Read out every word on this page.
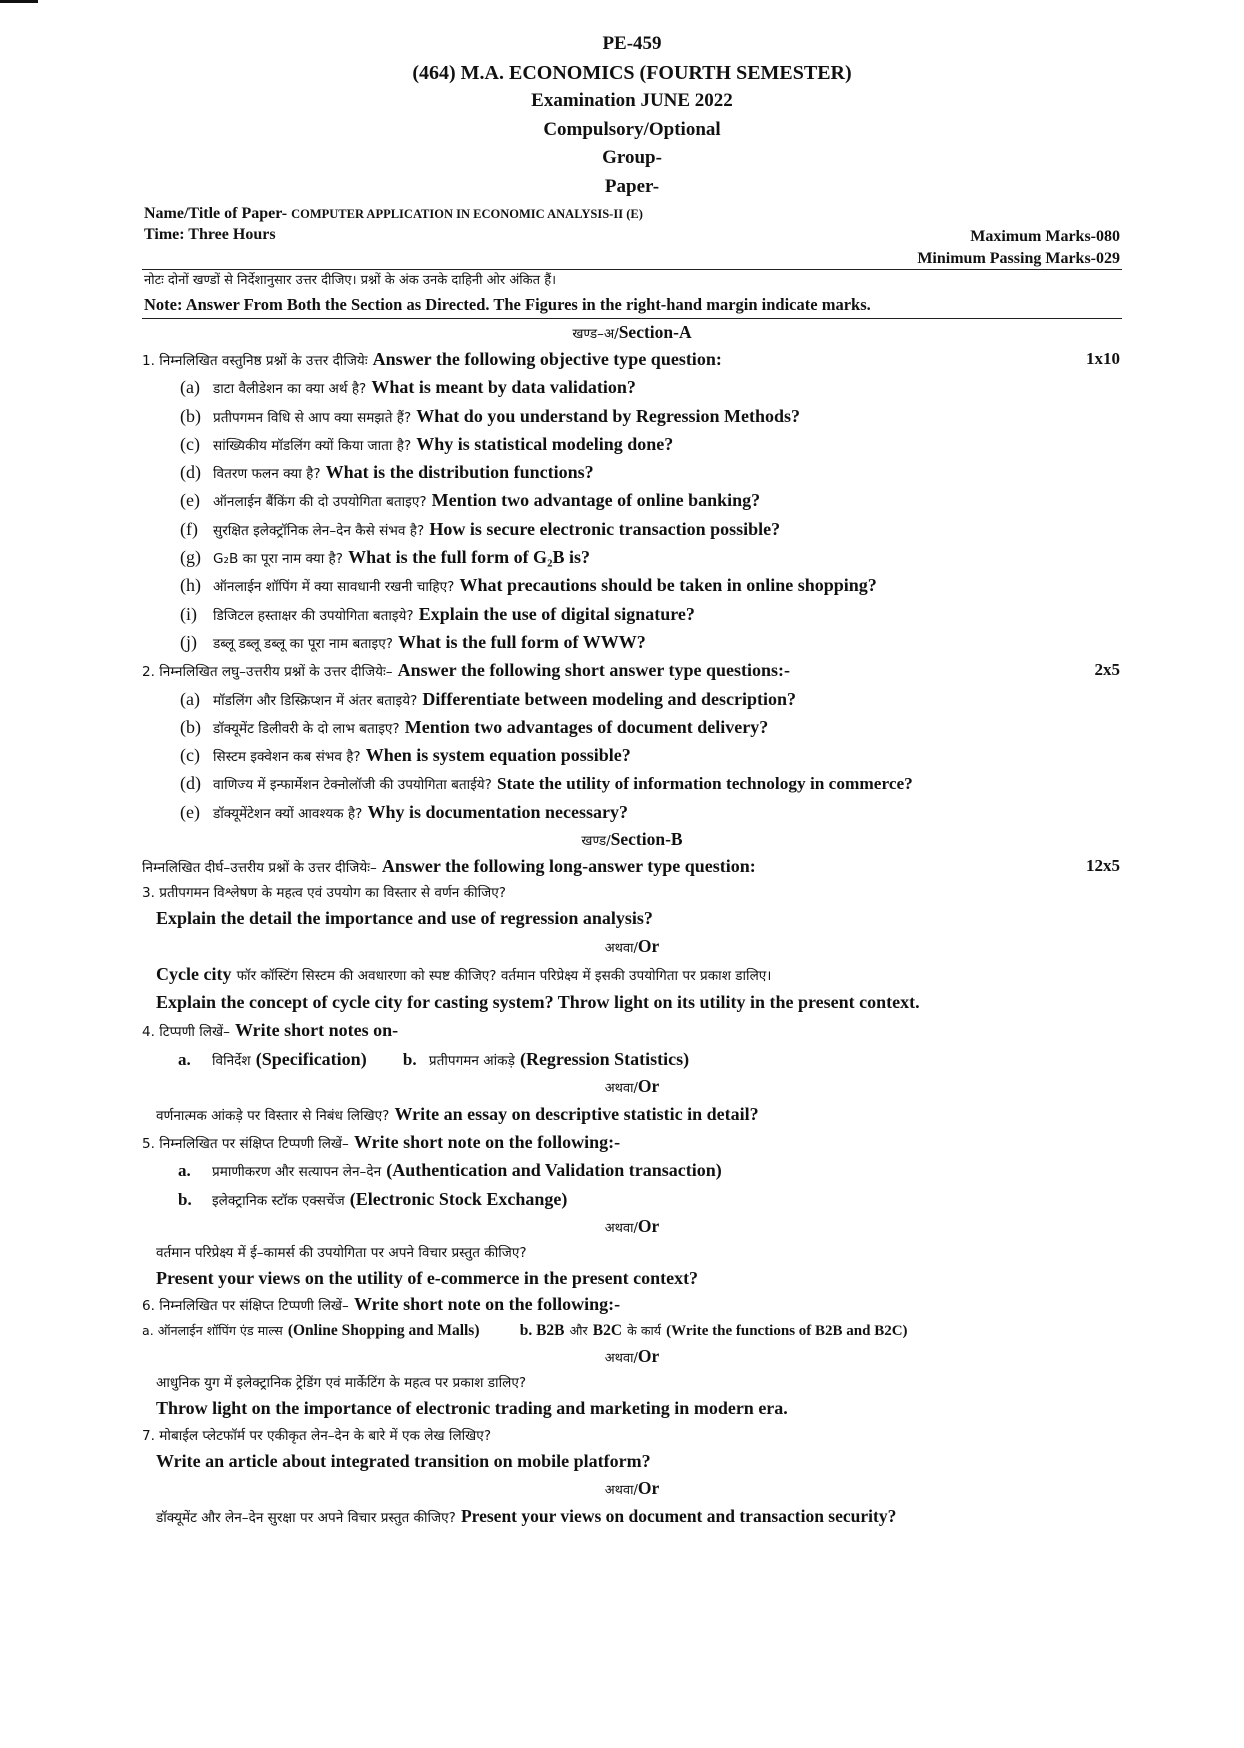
PE-459
(464) M.A. ECONOMICS (FOURTH SEMESTER)
Examination JUNE 2022
Compulsory/Optional
Group-
Paper-
Name/Title of Paper- COMPUTER APPLICATION IN ECONOMIC ANALYSIS-II (E)
Time: Three Hours	Maximum Marks-080
Minimum Passing Marks-029
नोटः दोनों खण्डों से निर्देशानुसार उत्तर दीजिए। प्रश्नों के अंक उनके दाहिनी ओर अंकित हैं।
Note: Answer From Both the Section as Directed. The Figures in the right-hand margin indicate marks.
खण्ड–अ/Section-A
1. निम्नलिखित वस्तुनिष्ठ प्रश्नों के उत्तर दीजियेः Answer the following objective type question:	1x10
(a) डाटा वैलीडेशन का क्या अर्थ है? What is meant by data validation?
(b) प्रतीपगमन विधि से आप क्या समझते हैं? What do you understand by Regression Methods?
(c) सांख्यिकीय मॉडलिंग क्यों किया जाता है? Why is statistical modeling done?
(d) वितरण फलन क्या है? What is the distribution functions?
(e) ऑनलाईन बैंकिंग की दो उपयोगिता बताइए? Mention two advantage of online banking?
(f) सुरक्षित इलेक्ट्रॉनिक लेन–देन कैसे संभव है? How is secure electronic transaction possible?
(g) G₂B का पूरा नाम क्या है? What is the full form of G₂B is?
(h) ऑनलाईन शॉपिंग में क्या सावधानी रखनी चाहिए? What precautions should be taken in online shopping?
(i) डिजिटल हस्ताक्षर की उपयोगिता बताइये? Explain the use of digital signature?
(j) डब्लू डब्लू डब्लू का पूरा नाम बताइए? What is the full form of WWW?
2. निम्नलिखित लघु–उत्तरीय प्रश्नों के उत्तर दीजियेः– Answer the following short answer type questions:-	2x5
(a) मॉडलिंग और डिस्क्रिप्शन में अंतर बताइये? Differentiate between modeling and description?
(b) डॉक्यूमेंट डिलीवरी के दो लाभ बताइए? Mention two advantages of document delivery?
(c) सिस्टम इक्वेशन कब संभव है? When is system equation possible?
(d) वाणिज्य में इन्फार्मेशन टेक्नोलॉजी की उपयोगिता बताईये? State the utility of information technology in commerce?
(e) डॉक्यूमेंटेशन क्यों आवश्यक है? Why is documentation necessary?
खण्ड/Section-B
निम्नलिखित दीर्घ–उत्तरीय प्रश्नों के उत्तर दीजियेः– Answer the following long-answer type question:	12x5
3. प्रतीपगमन विश्लेषण के महत्व एवं उपयोग का विस्तार से वर्णन कीजिए?
Explain the detail the importance and use of regression analysis?
अथवा/Or
Cycle city फॉर कॉस्टिंग सिस्टम की अवधारणा को स्पष्ट कीजिए? वर्तमान परिप्रेक्ष्य में इसकी उपयोगिता पर प्रकाश डालिए।
Explain the concept of cycle city for casting system? Throw light on its utility in the present context.
4. टिप्पणी लिखें– Write short notes on-
a. विनिर्देश (Specification) b. प्रतीपगमन आंकड़े (Regression Statistics)
अथवा/Or
वर्णनात्मक आंकड़े पर विस्तार से निबंध लिखिए? Write an essay on descriptive statistic in detail?
5. निम्नलिखित पर संक्षिप्त टिप्पणी लिखें– Write short note on the following:-
a. प्रमाणीकरण और सत्यापन लेन–देन (Authentication and Validation transaction)
b. इलेक्ट्रानिक स्टॉक एक्सचेंज (Electronic Stock Exchange)
अथवा/Or
वर्तमान परिप्रेक्ष्य में ई–कामर्स की उपयोगिता पर अपने विचार प्रस्तुत कीजिए?
Present your views on the utility of e-commerce in the present context?
6. निम्नलिखित पर संक्षिप्त टिप्पणी लिखें– Write short note on the following:-
a. ऑनलाईन शॉपिंग एंड माल्स (Online Shopping and Malls)	b. B2B और B2C के कार्य (Write the functions of B2B and B2C)
अथवा/Or
आधुनिक युग में इलेक्ट्रानिक ट्रेडिंग एवं मार्केटिंग के महत्व पर प्रकाश डालिए?
Throw light on the importance of electronic trading and marketing in modern era.
7. मोबाईल प्लेटफॉर्म पर एकीकृत लेन–देन के बारे में एक लेख लिखिए?
Write an article about integrated transition on mobile platform?
अथवा/Or
डॉक्यूमेंट और लेन–देन सुरक्षा पर अपने विचार प्रस्तुत कीजिए? Present your views on document and transaction security?
